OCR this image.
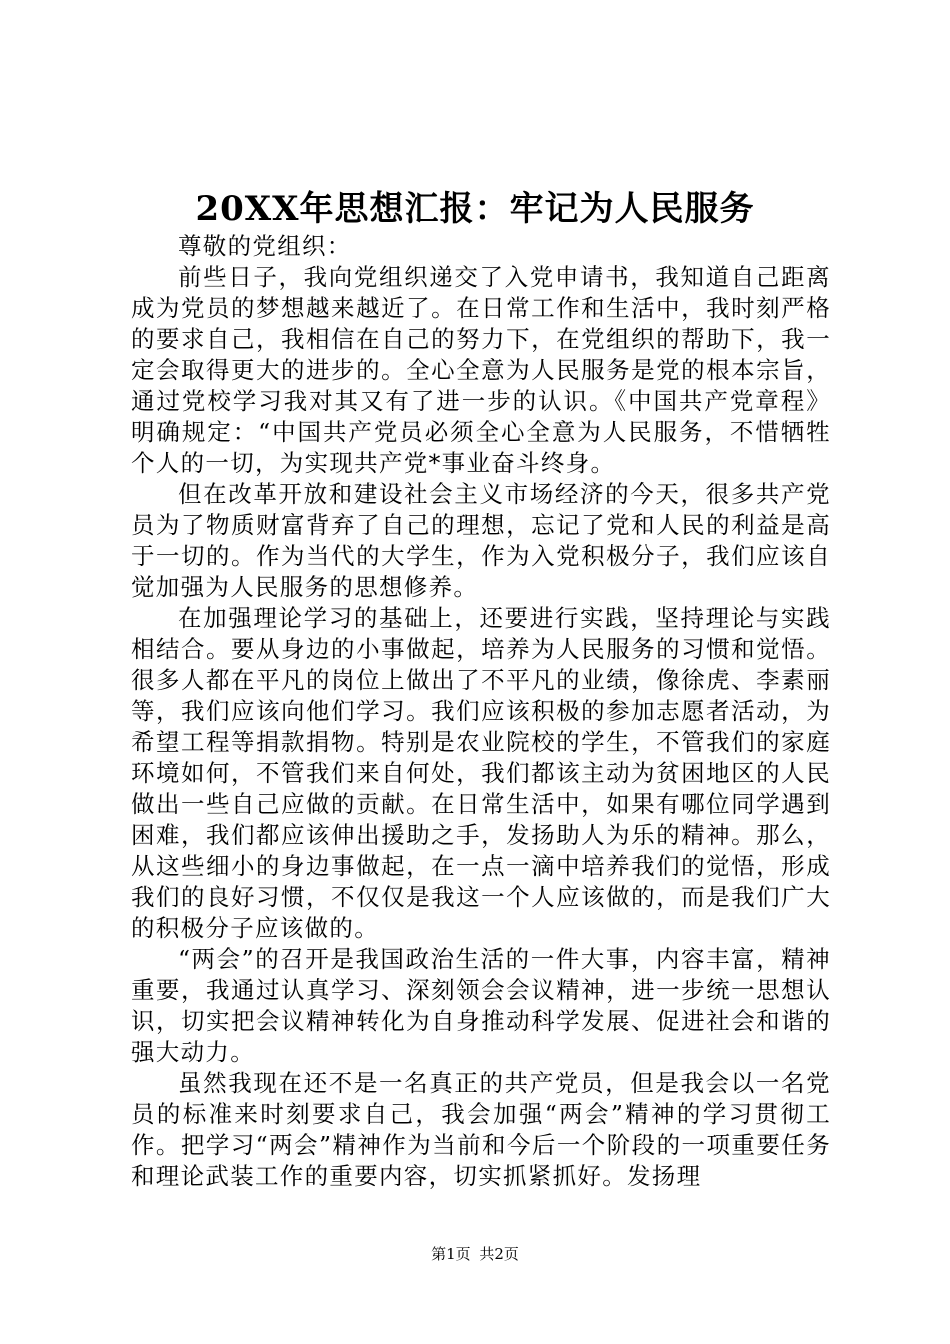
20XX年思想汇报：牢记为人民服务

尊敬的党组织：

前些日子，我向党组织递交了入党申请书，我知道自己距离成为党员的梦想越来越近了。在日常工作和生活中，我时刻严格的要求自己，我相信在自己的努力下，在党组织的帮助下，我一定会取得更大的进步的。全心全意为人民服务是党的根本宗旨，通过党校学习我对其又有了进一步的认识。《中国共产党章程》明确规定：“中国共产党员必须全心全意为人民服务，不惜牺牲个人的一切，为实现共产党*事业奋斗终身。

但在改革开放和建设社会主义市场经济的今天，很多共产党员为了物质财富背弃了自己的理想，忘记了党和人民的利益是高于一切的。作为当代的大学生，作为入党积极分子，我们应该自觉加强为人民服务的思想修养。

在加强理论学习的基础上，还要进行实践，坚持理论与实践相结合。要从身边的小事做起，培养为人民服务的习惯和觉悟。很多人都在平凡的岗位上做出了不平凡的业绩，像徐虎、李素丽等，我们应该向他们学习。我们应该积极的参加志愿者活动，为希望工程等捐款捐物。特别是农业院校的学生，不管我们的家庭环境如何，不管我们来自何处，我们都该主动为贫困地区的人民做出一些自己应做的贡献。在日常生活中，如果有哪位同学遇到困难，我们都应该伸出援助之手，发扬助人为乐的精神。那么，从这些细小的身边事做起，在一点一滴中培养我们的觉悟，形成我们的良好习惯，不仅仅是我这一个人应该做的，而是我们广大的积极分子应该做的。

“两会”的召开是我国政治生活的一件大事，内容丰富，精神重要，我通过认真学习、深刻领会会议精神，进一步统一思想认识，切实把会议精神转化为自身推动科学发展、促进社会和谐的强大动力。

虽然我现在还不是一名真正的共产党员，但是我会以一名党员的标准来时刻要求自己，我会加强“两会”精神的学习贯彻工作。把学习“两会”精神作为当前和今后一个阶段的一项重要任务和理论武装工作的重要内容，切实抓紧抓好。发扬理

第1页 共2页
